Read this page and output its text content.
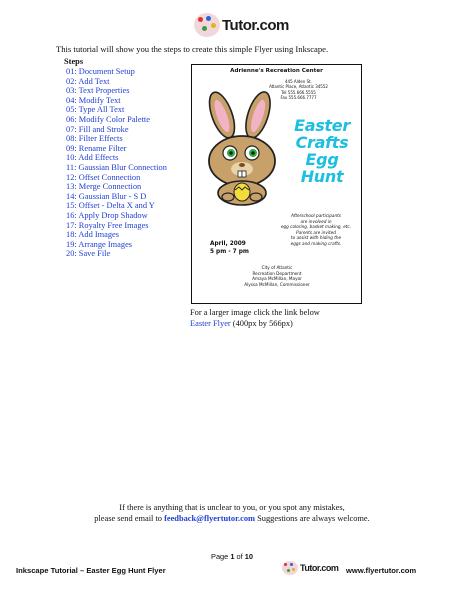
Tutor.com
This tutorial will show you the steps to create this simple Flyer using Inkscape.
Steps
01: Document Setup
02: Add Text
03: Text Properties
04: Modify Text
05: Type All Text
06: Modify Color Palette
07: Fill and Stroke
08: Filter Effects
09: Rename Filter
10: Add Effects
11: Gaussian Blur Connection
12: Offset Connection
13: Merge Connection
14: Gaussian Blur - S D
15: Offset - Delta X and Y
16: Apply Drop Shadow
17: Royalty Free Images
18: Add Images
19: Arrange Images
20: Save File
Adrienne's Recreation Center
445 Alden St.
Atlantic Place, Atlantic 34552
Tel 555.666.5555
Fax 555.666.7777
Easter
Crafts
Egg
Hunt
Afterschool participants
are involved in
egg coloring, basket making, etc.
Parents are invited
to assist with hiding the
eggs and making crafts.
April, 2009
5 pm - 7 pm
City of Atlantic
Recreation Department
Amaya McMillan, Mayor
Alyssa McMillan, Commissioner
For a larger image click the link below
Easter Flyer (400px by 566px)
If there is anything that is unclear to you, or you spot any mistakes,
please send email to feedback@flyertutor.com Suggestions are always welcome.
Page 1 of 10
Inkscape Tutorial – Easter Egg Hunt Flyer	Tutor.com www.flyertutor.com
